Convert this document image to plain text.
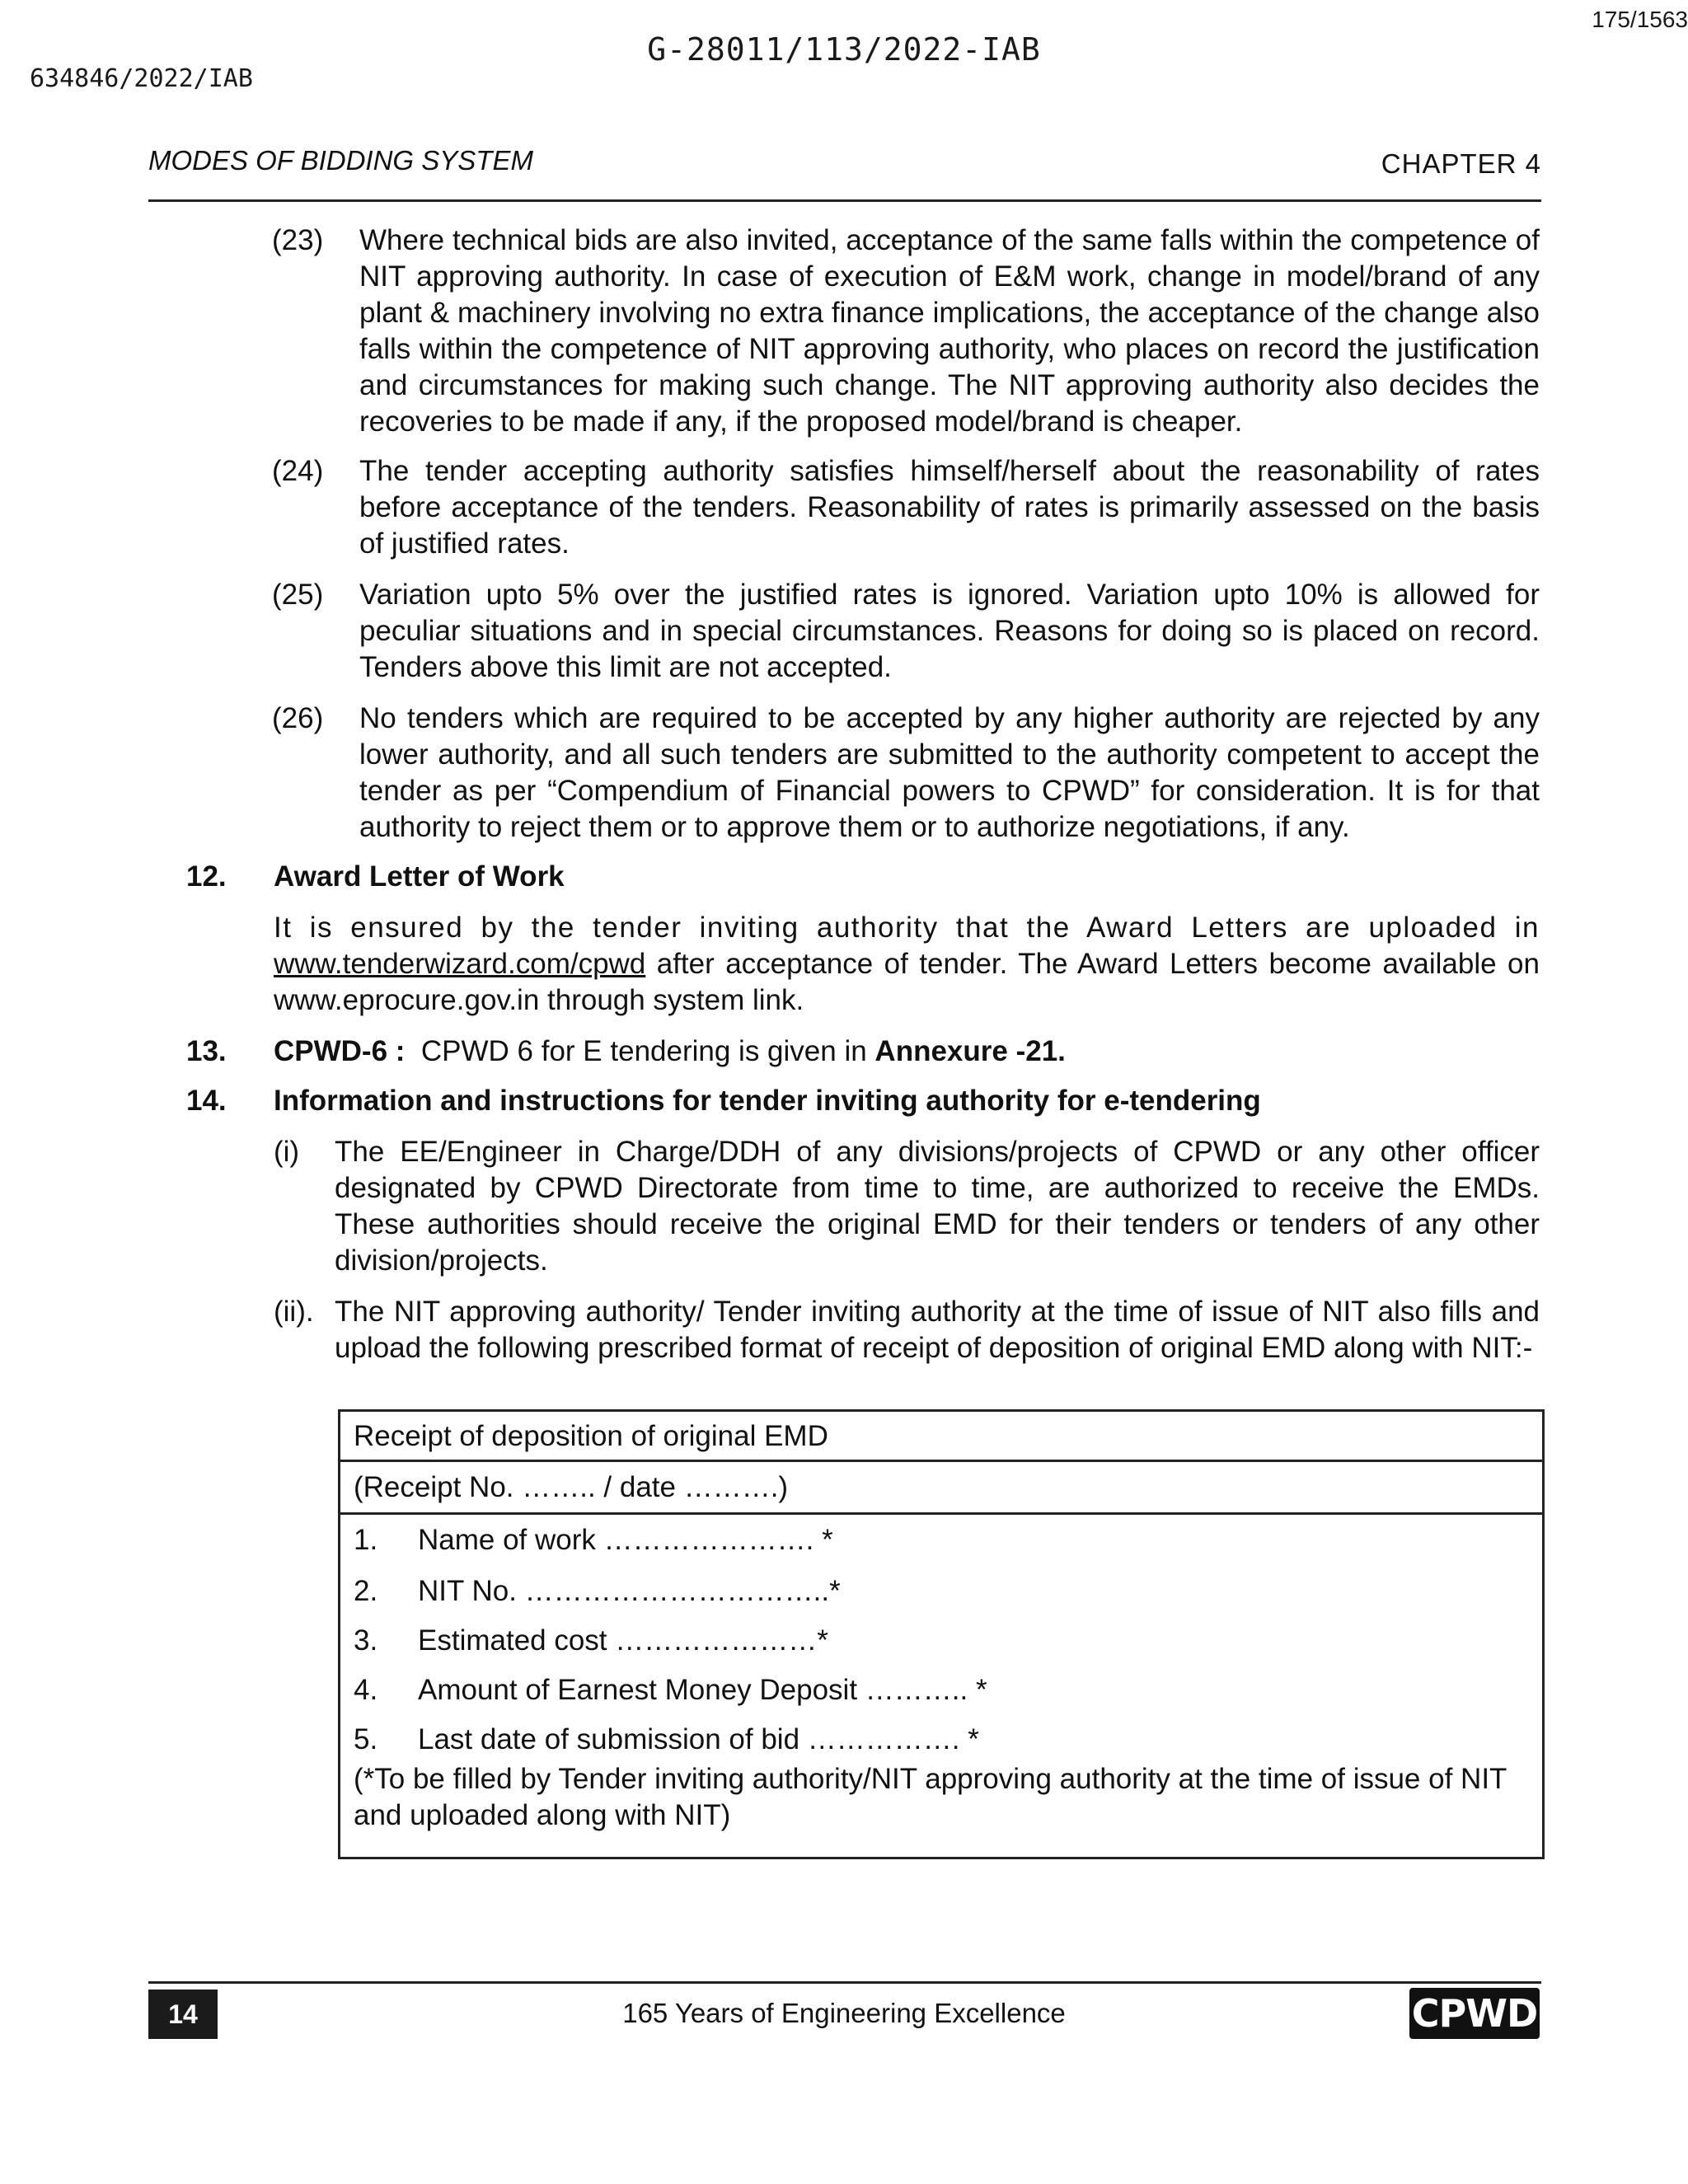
G-28011/113/2022-IAB
634846/2022/IAB
175/1563
MODES OF BIDDING SYSTEM	CHAPTER 4
(23) Where technical bids are also invited, acceptance of the same falls within the competence of NIT approving authority. In case of execution of E&M work, change in model/brand of any plant & machinery involving no extra finance implications, the acceptance of the change also falls within the competence of NIT approving authority, who places on record the justification and circumstances for making such change. The NIT approving authority also decides the recoveries to be made if any, if the proposed model/brand is cheaper.
(24) The tender accepting authority satisfies himself/herself about the reasonability of rates before acceptance of the tenders. Reasonability of rates is primarily assessed on the basis of justified rates.
(25) Variation upto 5% over the justified rates is ignored. Variation upto 10% is allowed for peculiar situations and in special circumstances. Reasons for doing so is placed on record. Tenders above this limit are not accepted.
(26) No tenders which are required to be accepted by any higher authority are rejected by any lower authority, and all such tenders are submitted to the authority competent to accept the tender as per “Compendium of Financial powers to CPWD” for consideration. It is for that authority to reject them or to approve them or to authorize negotiations, if any.
12. Award Letter of Work
It is ensured by the tender inviting authority that the Award Letters are uploaded in www.tenderwizard.com/cpwd after acceptance of tender. The Award Letters become available on www.eprocure.gov.in through system link.
13. CPWD-6 : CPWD 6 for E tendering is given in Annexure -21.
14. Information and instructions for tender inviting authority for e-tendering
(i) The EE/Engineer in Charge/DDH of any divisions/projects of CPWD or any other officer designated by CPWD Directorate from time to time, are authorized to receive the EMDs. These authorities should receive the original EMD for their tenders or tenders of any other division/projects.
(ii). The NIT approving authority/ Tender inviting authority at the time of issue of NIT also fills and upload the following prescribed format of receipt of deposition of original EMD along with NIT:-
Receipt of deposition of original EMD
(Receipt No. …….. / date ……….)
1. Name of work …………………. *
2. NIT No. …………………………..*
3. Estimated cost …………………*
4. Amount of Earnest Money Deposit ……….. *
5. Last date of submission of bid ……………. *
(*To be filled by Tender inviting authority/NIT approving authority at the time of issue of NIT and uploaded along with NIT)
14	165 Years of Engineering Excellence	CPWD
